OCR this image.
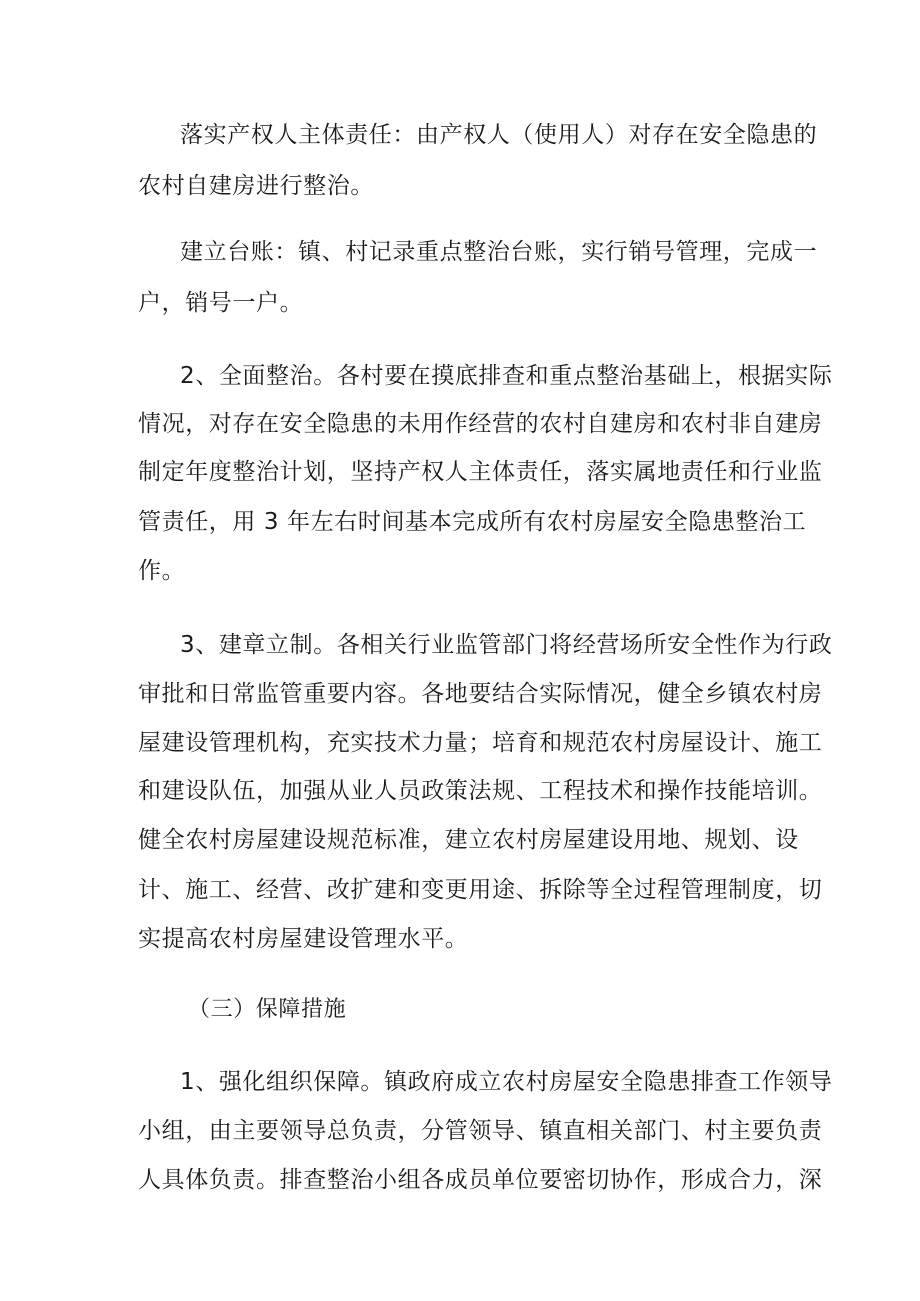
落实产权人主体责任：由产权人（使用人）对存在安全隐患的
农村自建房进行整治。
建立台账：镇、村记录重点整治台账，实行销号管理，完成一
户，销号一户。
2、全面整治。各村要在摸底排查和重点整治基础上，根据实际
情况，对存在安全隐患的未用作经营的农村自建房和农村非自建房
制定年度整治计划，坚持产权人主体责任，落实属地责任和行业监
管责任，用 3 年左右时间基本完成所有农村房屋安全隐患整治工
作。
3、建章立制。各相关行业监管部门将经营场所安全性作为行政
审批和日常监管重要内容。各地要结合实际情况，健全乡镇农村房
屋建设管理机构，充实技术力量；培育和规范农村房屋设计、施工
和建设队伍，加强从业人员政策法规、工程技术和操作技能培训。
健全农村房屋建设规范标准，建立农村房屋建设用地、规划、设
计、施工、经营、改扩建和变更用途、拆除等全过程管理制度，切
实提高农村房屋建设管理水平。
（三）保障措施
1、强化组织保障。镇政府成立农村房屋安全隐患排查工作领导
小组，由主要领导总负责，分管领导、镇直相关部门、村主要负责
人具体负责。排查整治小组各成员单位要密切协作，形成合力，深
